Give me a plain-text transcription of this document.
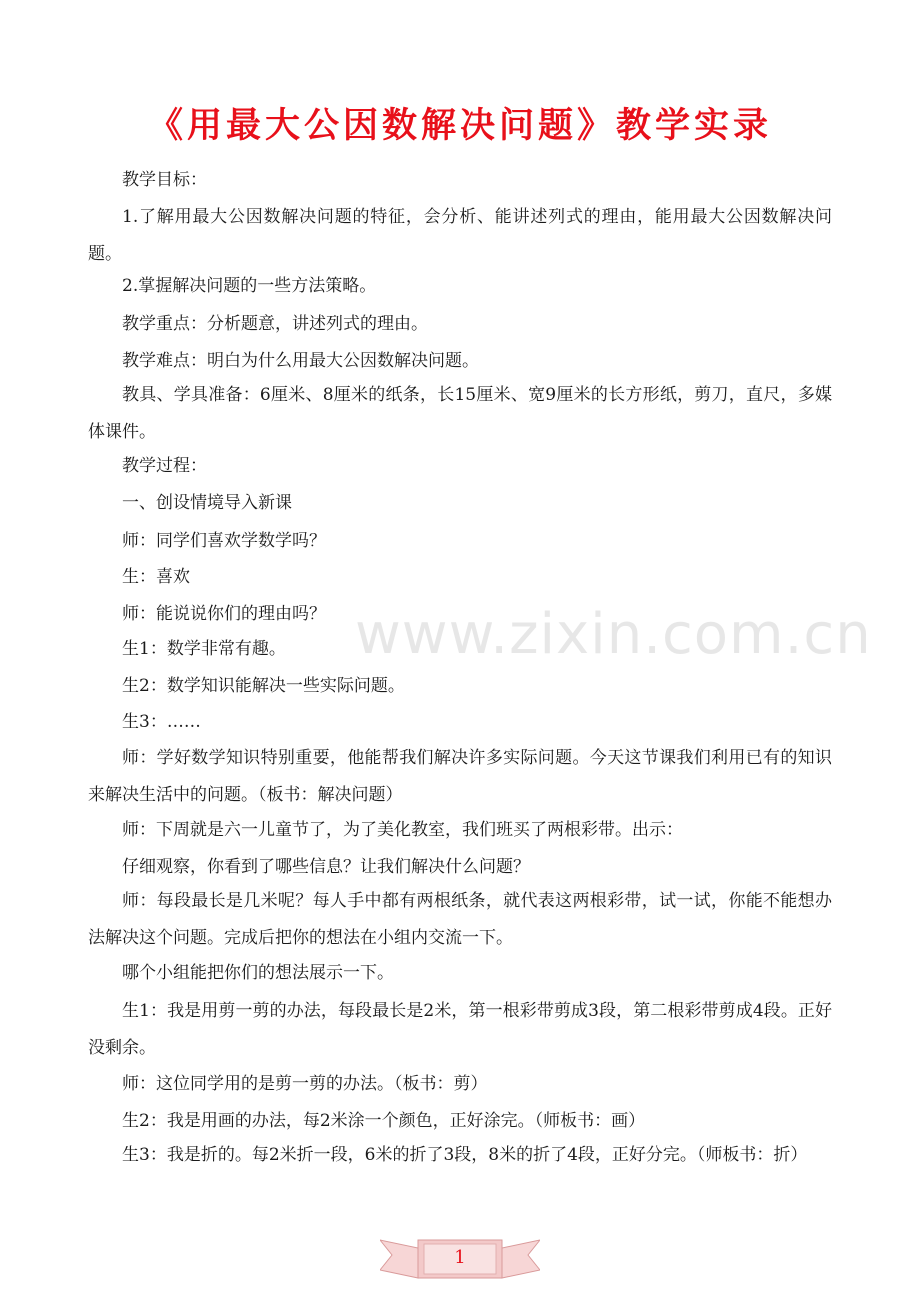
《用最大公因数解决问题》教学实录
教学目标：
1.了解用最大公因数解决问题的特征，会分析、能讲述列式的理由，能用最大公因数解决问题。
2.掌握解决问题的一些方法策略。
教学重点：分析题意，讲述列式的理由。
教学难点：明白为什么用最大公因数解决问题。
教具、学具准备：6厘米、8厘米的纸条，长15厘米、宽9厘米的长方形纸，剪刀，直尺，多媒体课件。
教学过程：
一、创设情境导入新课
师：同学们喜欢学数学吗？
生：喜欢
师：能说说你们的理由吗？
生1：数学非常有趣。
生2：数学知识能解决一些实际问题。
生3：……
师：学好数学知识特别重要，他能帮我们解决许多实际问题。今天这节课我们利用已有的知识来解决生活中的问题。（板书：解决问题）
师：下周就是六一儿童节了，为了美化教室，我们班买了两根彩带。出示：
仔细观察，你看到了哪些信息？让我们解决什么问题？
师：每段最长是几米呢？每人手中都有两根纸条，就代表这两根彩带，试一试，你能不能想办法解决这个问题。完成后把你的想法在小组内交流一下。
哪个小组能把你们的想法展示一下。
生1：我是用剪一剪的办法，每段最长是2米，第一根彩带剪成3段，第二根彩带剪成4段。正好没剩余。
师：这位同学用的是剪一剪的办法。（板书：剪）
生2：我是用画的办法，每2米涂一个颜色，正好涂完。（师板书：画）
生3：我是折的。每2米折一段，6米的折了3段，8米的折了4段，正好分完。（师板书：折）
www.zixin.com.cn
1
